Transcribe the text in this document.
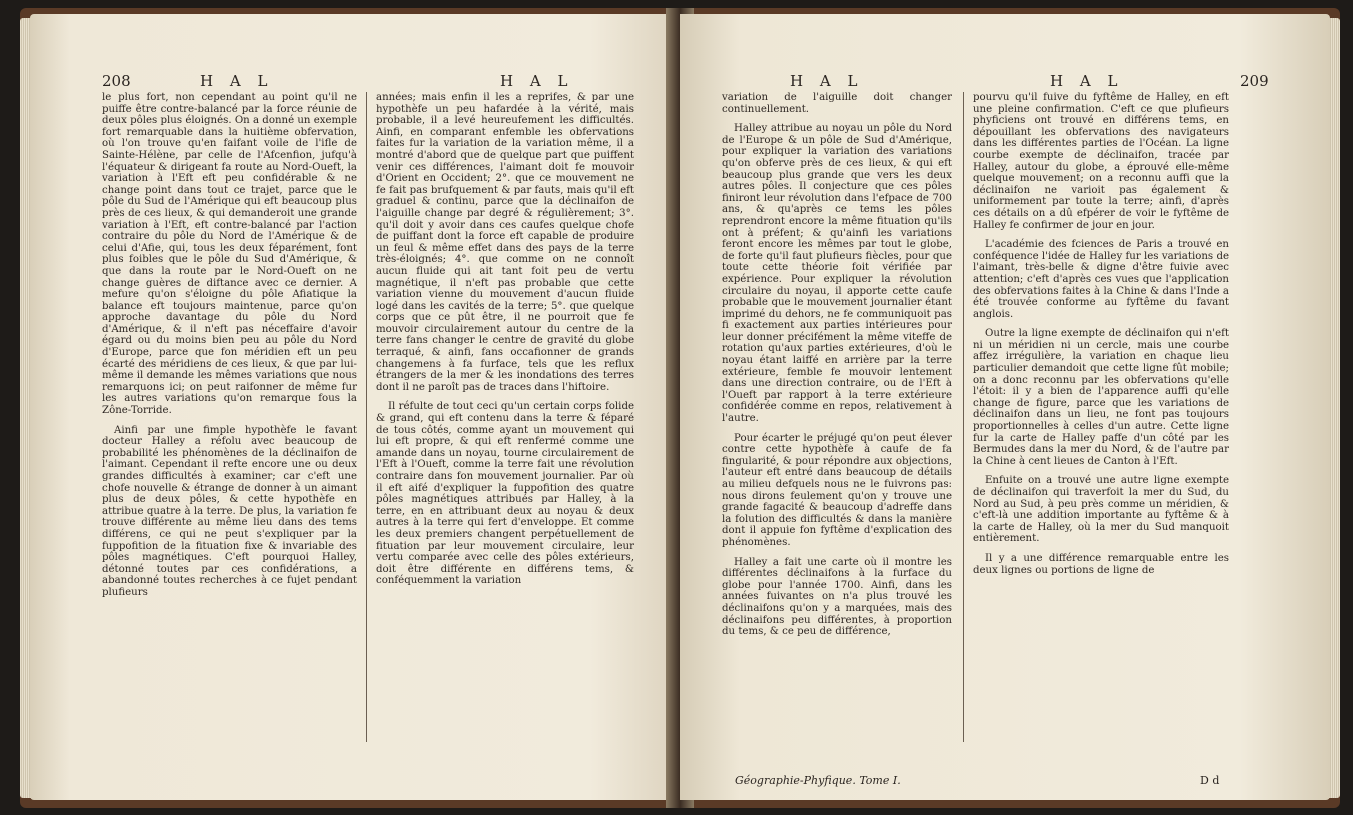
208	H A L	H A L

le plus fort, non cependant au point qu'il ne puiffe être contre-balancé par la force réunie de deux pôles plus éloignés. On a donné un exemple fort remarquable dans la huitième obfervation, où l'on trouve qu'en faifant voile de l'ifle de Sainte-Hélène, par celle de l'Afcenfion, jufqu'à l'équateur & dirigeant fa route au Nord-Oueft, la variation à l'Eft eft peu confidérable & ne change point dans tout ce trajet, parce que le pôle du Sud de l'Amérique qui eft beaucoup plus près de ces lieux, & qui demanderoit une grande variation à l'Eft, eft contre-balancé par l'action contraire du pôle du Nord de l'Amérique & de celui d'Afie, qui, tous les deux féparément, font plus foibles que le pôle du Sud d'Amérique, & que dans la route par le Nord-Oueft on ne change guères de diftance avec ce dernier. A mefure qu'on s'éloigne du pôle Afiatique la balance eft toujours maintenue, parce qu'on approche davantage du pôle du Nord d'Amérique, & il n'eft pas néceffaire d'avoir égard ou du moins bien peu au pôle du Nord d'Europe, parce que fon méridien eft un peu écarté des méridiens de ces lieux, & que par lui-même il demande les mêmes variations que nous remarquons ici; on peut raifonner de même fur les autres variations qu'on remarque fous la Zône-Torride.

Ainfi par une fimple hypothèfe le favant docteur Halley a réfolu avec beaucoup de probabilité les phénomènes de la déclinaifon de l'aimant. Cependant il refte encore une ou deux grandes difficultés à examiner; car c'eft une chofe nouvelle & étrange de donner à un aimant plus de deux pôles, & cette hypothèfe en attribue quatre à la terre. De plus, la variation fe trouve différente au même lieu dans des tems différens, ce qui ne peut s'expliquer par la fuppofition de la fituation fixe & invariable des pôles magnétiques. C'eft pourquoi Halley, détonné toutes par ces confidérations, a abandonné toutes recherches à ce fujet pendant plufieurs

années; mais enfin il les a reprifes, & par une hypothèfe un peu hafardée à la vérité, mais probable, il a levé heureufement les difficultés. Ainfi, en comparant enfemble les obfervations faites fur la variation de la variation même, il a montré d'abord que de quelque part que puiffent venir ces différences, l'aimant doit fe mouvoir d'Orient en Occident; 2°. que ce mouvement ne fe fait pas brufquement & par fauts, mais qu'il eft graduel & continu, parce que la déclinaifon de l'aiguille change par degré & régulièrement; 3°. qu'il doit y avoir dans ces caufes quelque chofe de puiffant dont la force eft capable de produire un feul & même effet dans des pays de la terre très-éloignés; 4°. que comme on ne connoît aucun fluide qui ait tant foit peu de vertu magnétique, il n'eft pas probable que cette variation vienne du mouvement d'aucun fluide logé dans les cavités de la terre; 5°. que quelque corps que ce pût être, il ne pourroit que fe mouvoir circulairement autour du centre de la terre fans changer le centre de gravité du globe terraqué, & ainfi, fans occafionner de grands changemens à fa furface, tels que les reflux étrangers de la mer & les inondations des terres dont il ne paroît pas de traces dans l'hiftoire.

Il réfulte de tout ceci qu'un certain corps folide & grand, qui eft contenu dans la terre & féparé de tous côtés, comme ayant un mouvement qui lui eft propre, & qui eft renfermé comme une amande dans un noyau, tourne circulairement de l'Eft à l'Oueft, comme la terre fait une révolution contraire dans fon mouvement journalier. Par où il eft aifé d'expliquer la fuppofition des quatre pôles magnétiques attribués par Halley, à la terre, en en attribuant deux au noyau & deux autres à la terre qui fert d'enveloppe. Et comme les deux premiers changent perpétuellement de fituation par leur mouvement circulaire, leur vertu comparée avec celle des pôles extérieurs, doit être différente en différens tems, & conféquemment la variation

H A L	H A L	209

variation de l'aiguille doit changer continuellement.

Halley attribue au noyau un pôle du Nord de l'Europe & un pôle de Sud d'Amérique, pour expliquer la variation des variations qu'on obferve près de ces lieux, & qui eft beaucoup plus grande que vers les deux autres pôles. Il conjecture que ces pôles finiront leur révolution dans l'efpace de 700 ans, & qu'après ce tems les pôles reprendront encore la même fituation qu'ils ont à préfent; & qu'ainfi les variations feront encore les mêmes par tout le globe, de forte qu'il faut plufieurs fiècles, pour que toute cette théorie foit vérifiée par expérience. Pour expliquer la révolution circulaire du noyau, il apporte cette caufe probable que le mouvement journalier étant imprimé du dehors, ne fe communiquoit pas fi exactement aux parties intérieures pour leur donner précifément la même viteffe de rotation qu'aux parties extérieures, d'où le noyau étant laiffé en arrière par la terre extérieure, femble fe mouvoir lentement dans une direction contraire, ou de l'Eft à l'Oueft par rapport à la terre extérieure confidérée comme en repos, relativement à l'autre.

Pour écarter le préjugé qu'on peut élever contre cette hypothèfe à caufe de fa fingularité, & pour répondre aux objections, l'auteur eft entré dans beaucoup de détails au milieu defquels nous ne le fuivrons pas: nous dirons feulement qu'on y trouve une grande fagacité & beaucoup d'adreffe dans la folution des difficultés & dans la manière dont il appuie fon fyftême d'explication des phénomènes.

Halley a fait une carte où il montre les différentes déclinaifons à la furface du globe pour l'année 1700. Ainfi, dans les années fuivantes on n'a plus trouvé les déclinaifons qu'on y a marquées, mais des déclinaifons peu différentes, à proportion du tems, & ce peu de différence,

pourvu qu'il fuive du fyftême de Halley, en eft une pleine confirmation. C'eft ce que plufieurs phyficiens ont trouvé en différens tems, en dépouillant les obfervations des navigateurs dans les différentes parties de l'Océan. La ligne courbe exempte de déclinaifon, tracée par Halley, autour du globe, a éprouvé elle-même quelque mouvement; on a reconnu auffi que la déclinaifon ne varioit pas également & uniformement par toute la terre; ainfi, d'après ces détails on a dû efpérer de voir le fyftême de Halley fe confirmer de jour en jour.

L'académie des fciences de Paris a trouvé en conféquence l'idée de Halley fur les variations de l'aimant, très-belle & digne d'être fuivie avec attention; c'eft d'après ces vues que l'application des obfervations faites à la Chine & dans l'Inde a été trouvée conforme au fyftême du favant anglois.

Outre la ligne exempte de déclinaifon qui n'eft ni un méridien ni un cercle, mais une courbe affez irrégulière, la variation en chaque lieu particulier demandoit que cette ligne fût mobile; on a donc reconnu par les obfervations qu'elle l'étoit: il y a bien de l'apparence auffi qu'elle change de figure, parce que les variations de déclinaifon dans un lieu, ne font pas toujours proportionnelles à celles d'un autre. Cette ligne fur la carte de Halley paffe d'un côté par les Bermudes dans la mer du Nord, & de l'autre par la Chine à cent lieues de Canton à l'Eft.

Enfuite on a trouvé une autre ligne exempte de déclinaifon qui traverfoit la mer du Sud, du Nord au Sud, à peu près comme un méridien, & c'eft-là une addition importante au fyftême & à la carte de Halley, où la mer du Sud manquoit entièrement.

Il y a une différence remarquable entre les deux lignes ou portions de ligne de

Géographie-Phyfique. Tome I.	D d
